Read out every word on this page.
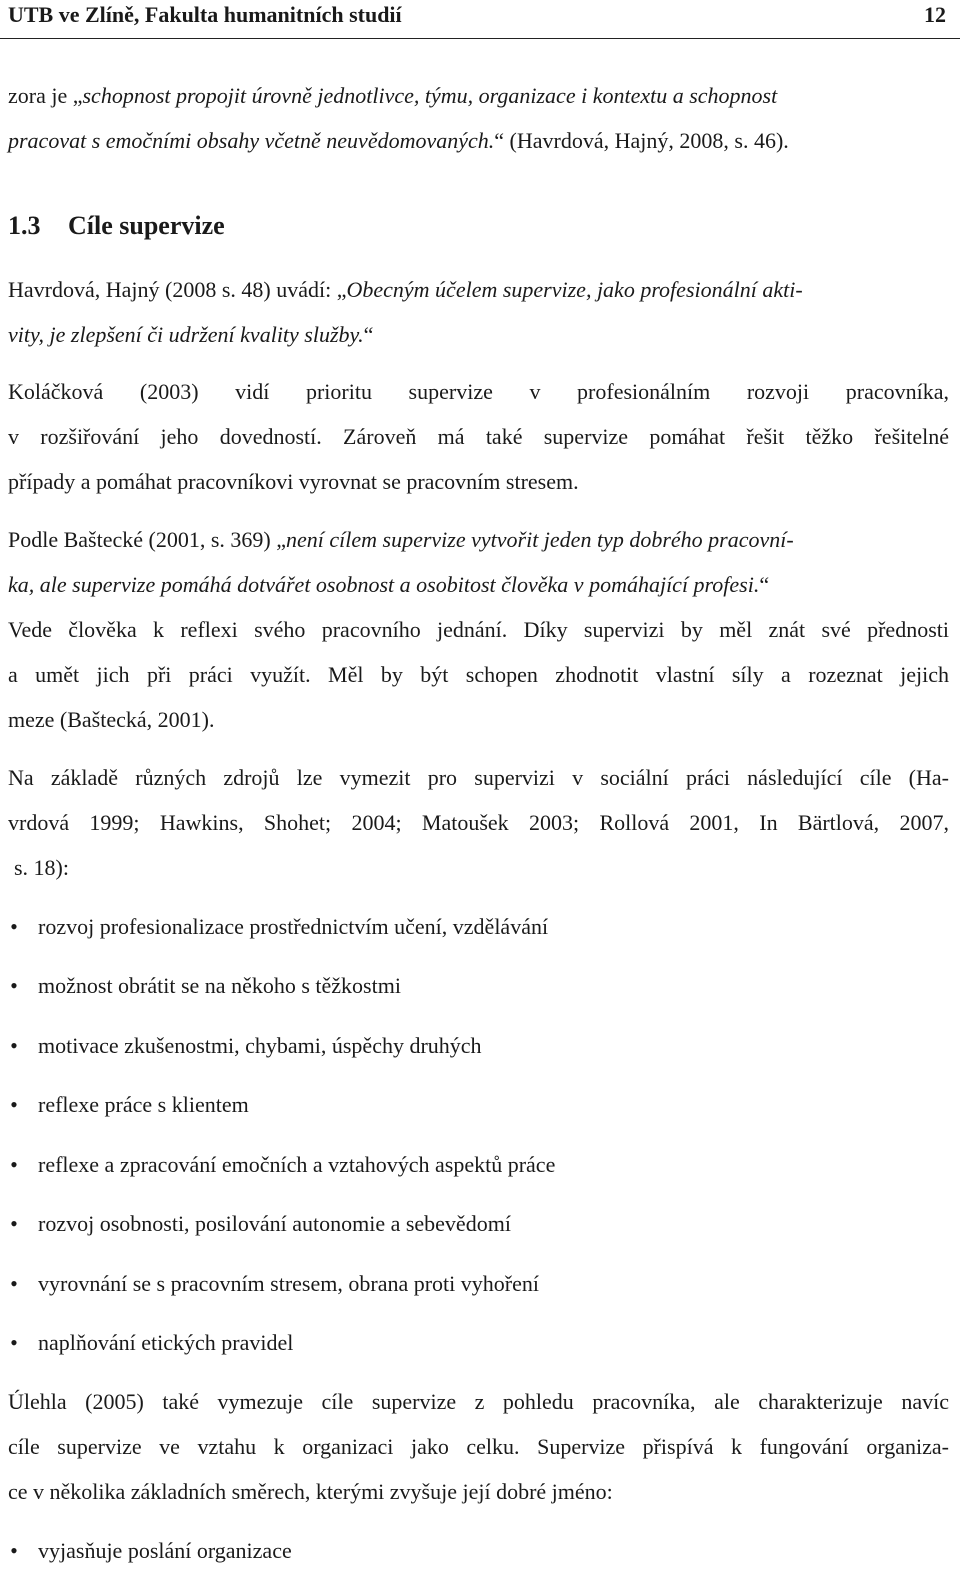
UTB ve Zlíně, Fakulta humanitních studií	12
zora je „schopnost propojit úrovně jednotlivce, týmu, organizace i kontextu a schopnost
pracovat s emočními obsahy včetně neuvědomovaných.“ (Havrdová, Hajný, 2008, s. 46).
1.3 Cíle supervize
Havrdová, Hajný (2008 s. 48) uvádí: „Obecným účelem supervize, jako profesionální akti-
vity, je zlepšení či udržení kvality služby.“
Koláčková (2003) vidí prioritu supervize v profesionálním rozvoji pracovníka,
v rozšiřování jeho dovedností. Zároveň má také supervize pomáhat řešit těžko řešitelné
případy a pomáhat pracovníkovi vyrovnat se pracovním stresem.
Podle Baštecké (2001, s. 369) „není cílem supervize vytvořit jeden typ dobrého pracovní-
ka, ale supervize pomáhá dotvářet osobnost a osobitost člověka v pomáhající profesi.“
Vede člověka k reflexi svého pracovního jednání. Díky supervizi by měl znát své přednosti
a umět jich při práci využít. Měl by být schopen zhodnotit vlastní síly a rozeznat jejich
meze (Baštecká, 2001).
Na základě různých zdrojů lze vymezit pro supervizi v sociální práci následující cíle (Ha-
vrdová 1999; Hawkins, Shohet; 2004; Matoušek 2003; Rollová 2001, In Bärtlová, 2007,
s. 18):
• rozvoj profesionalizace prostřednictvím učení, vzdělávání
• možnost obrátit se na někoho s těžkostmi
• motivace zkušenostmi, chybami, úspěchy druhých
• reflexe práce s klientem
• reflexe a zpracování emočních a vztahových aspektů práce
• rozvoj osobnosti, posilování autonomie a sebevědomí
• vyrovnání se s pracovním stresem, obrana proti vyhoření
• naplňování etických pravidel
Úlehla (2005) také vymezuje cíle supervize z pohledu pracovníka, ale charakterizuje navíc
cíle supervize ve vztahu k organizaci jako celku. Supervize přispívá k fungování organiza-
ce v několika základních směrech, kterými zvyšuje její dobré jméno:
• vyjasňuje poslání organizace
